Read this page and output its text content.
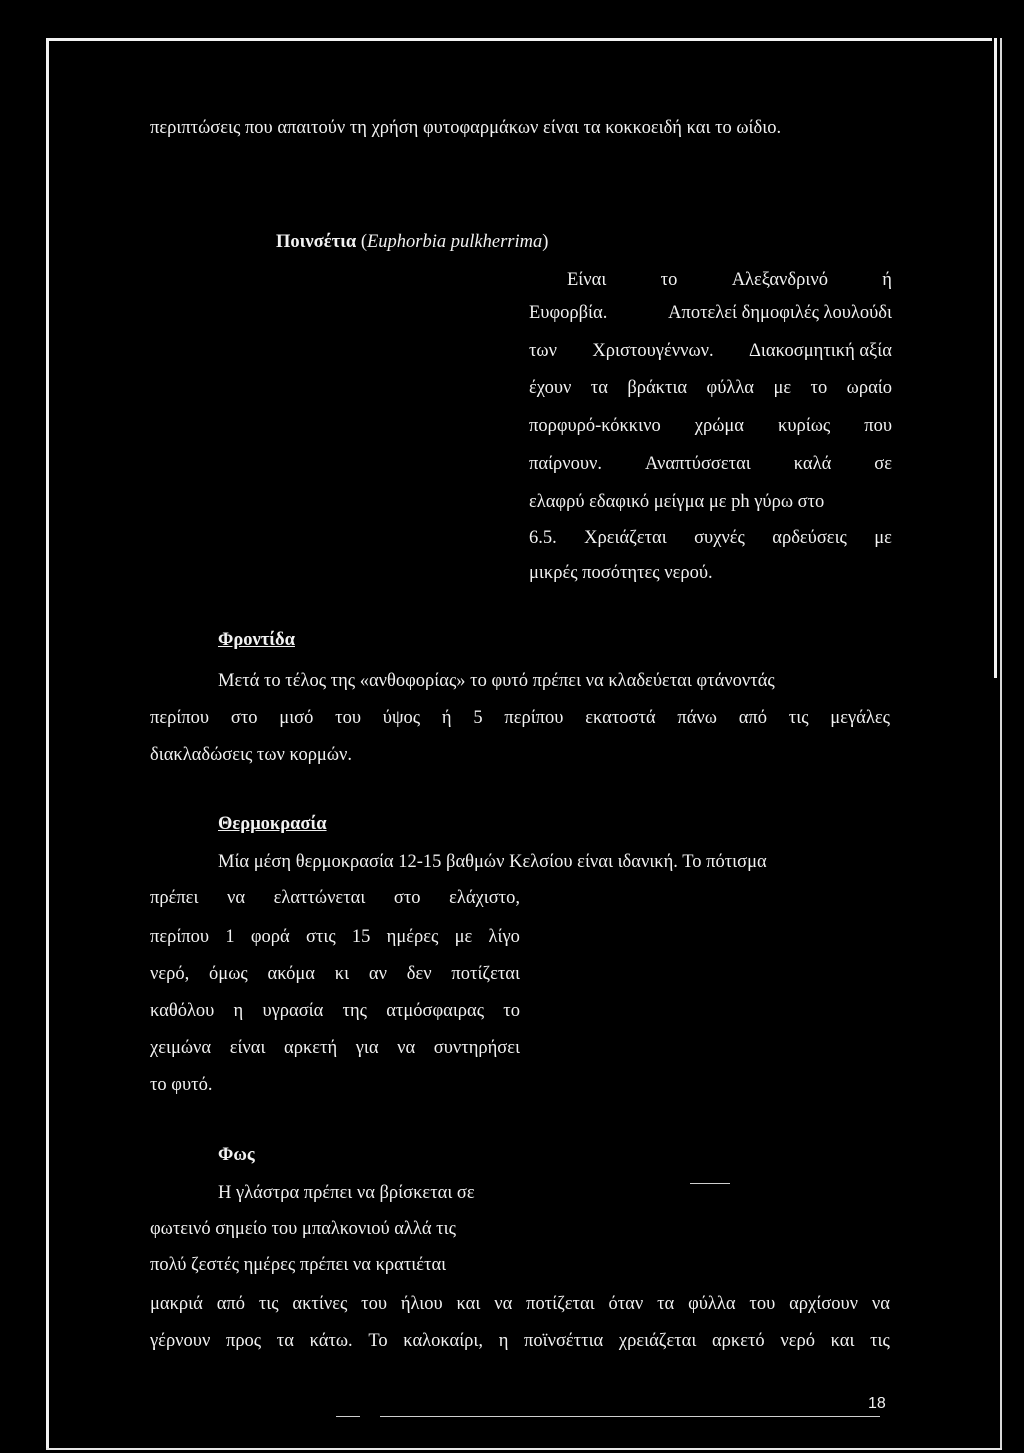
περιπτώσεις που απαιτούν τη χρήση φυτοφαρμάκων είναι τα κοκκοειδή και το ωίδιο.
Ποινσέτια (Euphorbia pulkherrima)
Είναι	το	Αλεξανδρινό	ή
Ευφορβία.	Αποτελεί δημοφιλές λουλούδι
των Χριστουγέννων. Διακοσμητική αξία
έχουν τα βράκτια φύλλα με το ωραίο
πορφυρό-κόκκινο χρώμα κυρίως που
παίρνουν. Αναπτύσσεται καλά σε
ελαφρύ εδαφικό μείγμα με ph γύρω στο
6.5. Χρειάζεται συχνές αρδεύσεις με
μικρές ποσότητες νερού.
Φροντίδα
Μετά το τέλος της «ανθοφορίας» το φυτό πρέπει να κλαδεύεται φτάνοντάς
περίπου στο μισό του ύψος ή 5 περίπου εκατοστά πάνω από τις μεγάλες
διακλαδώσεις των κορμών.
Θερμοκρασία
Μία μέση θερμοκρασία 12-15 βαθμών Κελσίου είναι ιδανική. Το πότισμα
πρέπει να ελαττώνεται στο ελάχιστο,
περίπου 1 φορά στις 15 ημέρες με λίγο
νερό, όμως ακόμα κι αν δεν ποτίζεται
καθόλου η υγρασία της ατμόσφαιρας το
χειμώνα είναι αρκετή για να συντηρήσει
το φυτό.
Φως
Η γλάστρα πρέπει να βρίσκεται σε
φωτεινό σημείο του μπαλκονιού αλλά τις
πολύ ζεστές ημέρες πρέπει να κρατιέται
μακριά από τις ακτίνες του ήλιου και να ποτίζεται όταν τα φύλλα του αρχίσουν να
γέρνουν προς τα κάτω. Το καλοκαίρι, η ποϊνσέττια χρειάζεται αρκετό νερό και τις
18
